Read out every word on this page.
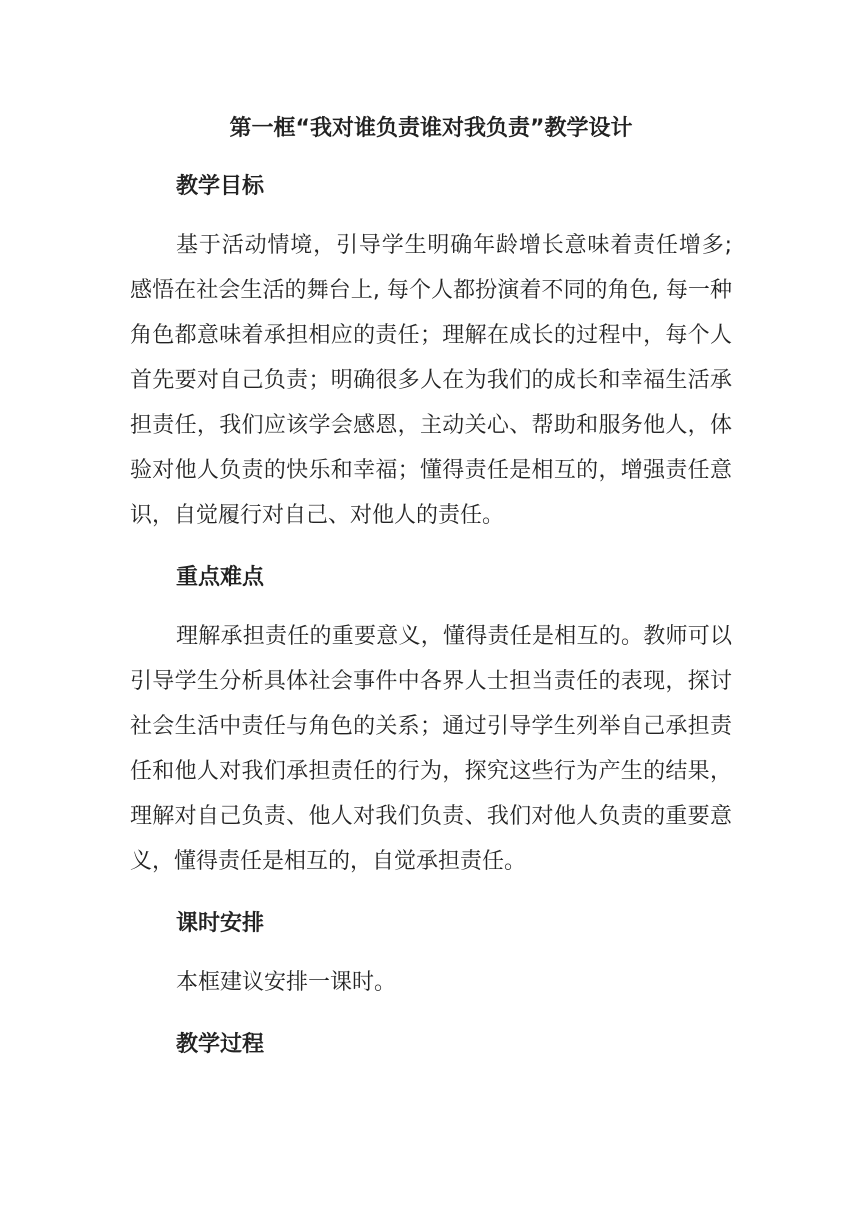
第一框“我对谁负责谁对我负责”教学设计
教学目标

基于活动情境，引导学生明确年龄增长意味着责任增多; 感悟在社会生活的舞台上, 每个人都扮演着不同的角色, 每一种角色都意味着承担相应的责任；理解在成长的过程中，每个人首先要对自己负责；明确很多人在为我们的成长和幸福生活承担责任，我们应该学会感恩，主动关心、帮助和服务他人，体验对他人负责的快乐和幸福；懂得责任是相互的，增强责任意识，自觉履行对自己、对他人的责任。

重点难点

理解承担责任的重要意义，懂得责任是相互的。教师可以引导学生分析具体社会事件中各界人士担当责任的表现，探讨社会生活中责任与角色的关系；通过引导学生列举自己承担责任和他人对我们承担责任的行为，探究这些行为产生的结果，理解对自己负责、他人对我们负责、我们对他人负责的重要意义，懂得责任是相互的，自觉承担责任。

课时安排

本框建议安排一课时。

教学过程
